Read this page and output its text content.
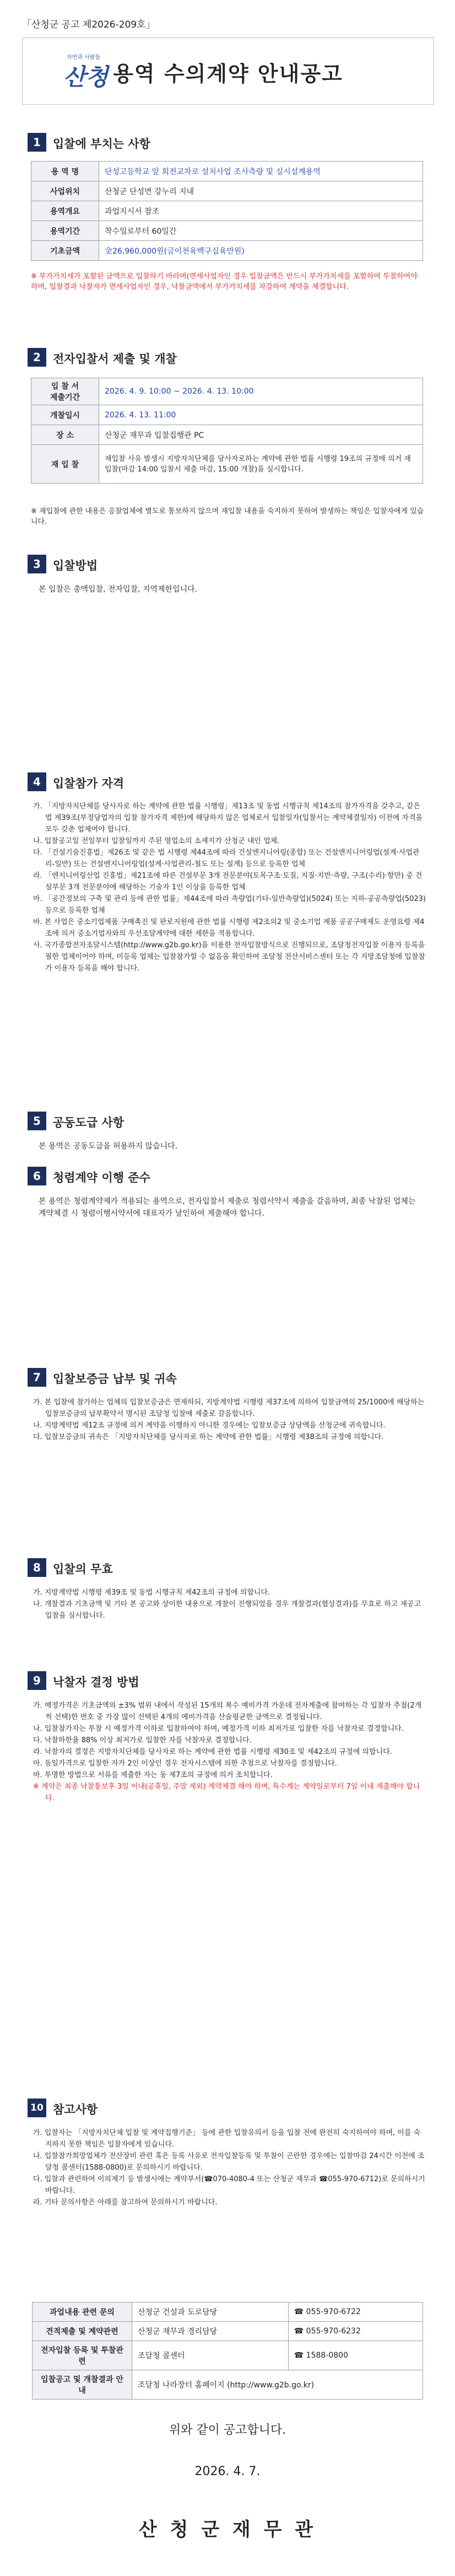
「산청군 공고 제2026-209호」
자연과 사람들
산청 용역 수의계약 안내공고
1	입찰에 부치는 사항
용 역 명	단성고등학교 앞 회전교차로 설치사업 조사측량 및 실시설계용역
사업위치	산청군 단성면 강누리 지내
용역개요	과업지시서 참조
용역기간	착수일로부터 60일간
기초금액	金26,960,000원(금이천육백구십육만원)
※ 부가가치세가 포함된 금액으로 입찰하기 바라며(면세사업자인 경우 입찰금액은 반드시 부가가치세를 포함하여 투찰하여야 하며, 입찰결과 낙찰자가 면세사업자인 경우, 낙찰금액에서 부가가치세를 차감하여 계약을 체결합니다.
2	전자입찰서 제출 및 개찰
입 찰 서
제출기간	2026. 4. 9. 10:00 ~ 2026. 4. 13. 10:00
개찰일시	2026. 4. 13. 11:00
장 소	산청군 재무과 입찰집행관 PC
재 입 찰	재입찰 사유 발생시 지방자치단체를 당사자로하는 계약에 관한 법률 시행령 19조의 규정에 의거 재입찰(마감 14:00 입찰서 제출 마감, 15:00 개찰)을 실시합니다.
※ 재입찰에 관한 내용은 응찰업체에 별도로 통보하지 않으며 재입찰 내용을 숙지하지 못하여 발생하는 책임은 입찰자에게 있습니다.
3	입찰방법
본 입찰은 총액입찰, 전자입찰, 지역제한입니다.
4	입찰참가 자격

가. 「지방자치단체를 당사자로 하는 계약에 관한 법률 시행령」제13조 및 동법 시행규칙 제14조의 참가자격을 갖추고, 같은 법 제39조(부정당업자의 입찰 참가자격 제한)에 해당하지 않은 업체로서 입찰일자(입찰서는 계약체결일자) 이전에 자격을 모두 갖춘 업체여야 합니다.

나. 입찰공고일 전일부터 입찰일까지 주된 영업소의 소재지가 산청군 내인 업체.

다. 「건설기술진흥법」제26조 및 같은 법 시행령 제44조에 따라 건설엔지니어링(종합) 또는 건설엔지니어링업(설계·사업관리-일반) 또는 건설엔지니어링업(설계·사업관리-철도 또는 설계) 등으로 등록한 업체

라. 「엔지니어링산업 진흥법」제21조에 따른 건설부문 3개 전문분야(토목구조·토질, 지질·지반·측량, 구조(수리)·항만) 중 건설부문 3개 전문분야에 해당하는 기술자 1인 이상을 등록한 업체

마. 「공간정보의 구축 및 관리 등에 관한 법률」제44조에 따라 측량업(기타-일반측량업)(5024) 또는 지하-공공측량업(5023) 등으로 등록한 업체

바. 본 사업은 중소기업제품 구매촉진 및 판로지원에 관한 법률 시행령 제2조의2 및 중소기업 제품 공공구매제도 운영요령 제4조에 의거 중소기업자와의 우선조달계약에 대한 제한을 적용합니다.

사. 국가종합전자조달시스템(http://www.g2b.go.kr)을 이용한 전자입찰방식으로 진행되므로, 조달청전자입찰 이용자 등록을 필한 업체이어야 하며, 미등록 업체는 입찰참가할 수 없음을 확인하여 조달청 전산서비스센터 또는 각 지방조달청에 입찰참가 이용자 등록을 해야 합니다.

5	공동도급 사항
본 용역은 공동도급을 허용하지 않습니다.
6	청렴계약 이행 준수
본 용역은 청렴계약제가 적용되는 용역으로, 전자입찰서 제출로 청렴서약서 제출을 갈음하며, 최종 낙찰된 업체는 계약체결 시 청렴이행서약서에 대표자가 날인하여 제출해야 합니다.
7	입찰보증금 납부 및 귀속

가. 본 입찰에 참가하는 업체의 입찰보증금은 면제하되, 지방계약법 시행령 제37조에 의하여 입찰금액의 25/1000에 해당하는 입찰보증금의 납부확약서 명시된 조달청 입찰에 제출로 갈음합니다.

나. 지방계약법 제12조 규정에 의거 계약을 이행하지 아니한 경우에는 입찰보증금 상당액을 산청군에 귀속합니다.

다. 입찰보증금의 귀속은 「지방자치단체를 당사자로 하는 계약에 관한 법률」시행령 제38조의 규정에 의합니다.

8	입찰의 무효

가. 지방계약법 시행령 제39조 및 동법 시행규칙 제42조의 규정에 의합니다.

나. 개찰결과 기초금액 및 기타 본 공고와 상이한 내용으로 개찰이 진행되었을 경우 개찰결과(협상결과)를 무효로 하고 재공고 입찰을 실시합니다.

9	낙찰자 결정 방법

가. 예정가격은 기초금액의 ±3% 범위 내에서 작성된 15개의 복수 예비가격 가운데 전자계출에 참여하는 각 입찰자 추첨(2개씩 선택)한 번호 중 가장 많이 선택된 4개의 예비가격을 산술평균한 금액으로 결정됩니다.

나. 입찰참가자는 투찰 시 예정가격 이하로 입찰하여야 하며, 예정가격 이하 최저가로 입찰한 자를 낙찰자로 결정합니다.

다. 낙찰하한율 88% 이상 최저가로 입찰한 자를 낙찰자로 결정합니다.

라. 낙찰자의 결정은 지방자치단체를 당사자로 하는 계약에 관한 법률 시행령 제30조 및 제42조의 규정에 의합니다.

마. 동일가격으로 입찰한 자가 2인 이상인 경우 전자시스템에 의한 추첨으로 낙찰자를 결정합니다.

바. 투명한 방법으로 서류를 제출한 자는 동 제7조의 규정에 의거 조치합니다.

※ 계약은 최종 낙찰통보후 3일 이내(공휴일, 주말 제외) 계약체결 해야 하며, 특수계는 계약일로부터 7일 이내 제출해야 합니다.

10 참고사항

가. 입찰자는 「지방자치단체 입찰 및 계약집행기준」 등에 관한 입찰유의서 등을 입찰 전에 완전히 숙지하여야 하며, 이를 숙지하지 못한 책임은 입찰자에게 있습니다.

나. 입찰참가희망업체가 전산장비 관련 혹은 등록 사유로 전자입찰등록 및 투찰이 곤란한 경우에는 입찰마감 24시간 이전에 조달청 콜센터(1588-0800)로 문의하시기 바랍니다.

다. 입찰과 관련하여 이의제기 등 발생시에는 계약부서(☎070-4080-4 또는 산청군 재무과 ☎055-970-6712)로 문의하시기 바랍니다.

라. 기타 문의사항은 아래를 참고하여 문의하시기 바랍니다.

과업내용 관련 문의	산청군 건설과 도로담당	☎ 055-970-6722
견적제출 및 계약관련	산청군 재무과 경리담당	☎ 055-970-6232
전자입찰 등록 및 투찰관련	조달청 콜센터	☎ 1588-0800
입찰공고 및 개찰결과 안내	조달청 나라장터 홈페이지 (http://www.g2b.go.kr)	
위와 같이 공고합니다.
2026. 4. 7.
산 청 군 재 무 관
